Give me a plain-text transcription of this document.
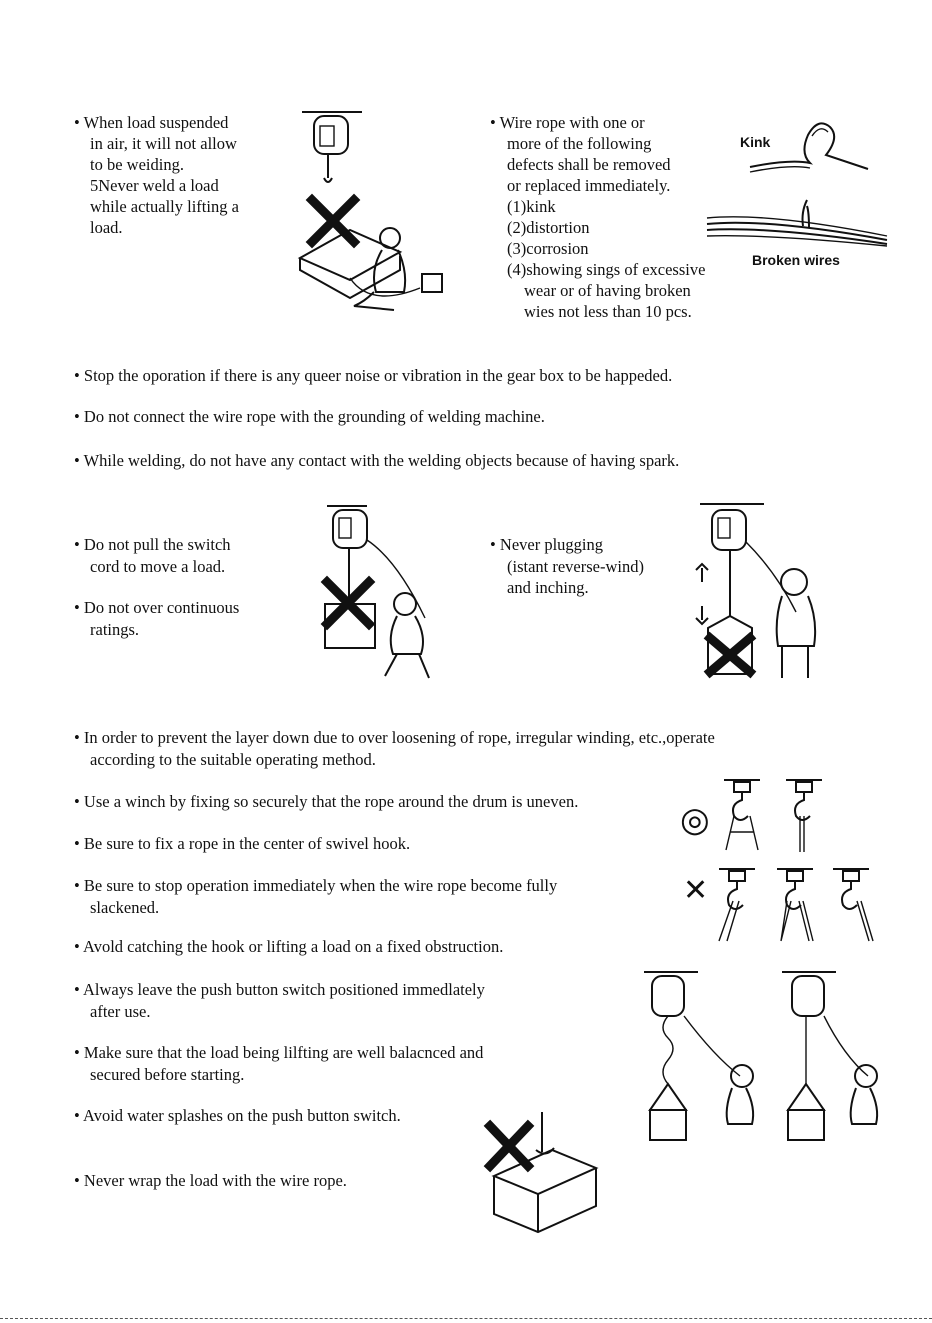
• When load suspended
in air, it will not allow
to be weiding.
5Never weld a load
while actually lifting a
load.
• Wire rope with one or
more of the following
defects shall be removed
or replaced immediately.
(1)kink
(2)distortion
(3)corrosion
(4)showing sings of excessive
wear or of having broken
wies not less than 10 pcs.
Kink
Broken wires
• Stop the oporation if there is any queer noise or vibration in the gear box to be happeded.
• Do not connect the wire rope with the grounding of welding machine.
• While welding, do not have any contact with the welding objects because of having spark.
• Do not pull the switch
cord to move a load.
• Do not over continuous
ratings.
• Never plugging
(istant reverse-wind)
and inching.
• In order to prevent the layer down due to over loosening of rope, irregular winding, etc.,operate
according to the suitable operating method.
• Use a winch by fixing so securely that the rope around the drum is uneven.
• Be sure to fix a rope in the center of swivel hook.
• Be sure to stop operation immediately when the wire rope become fully
slackened.
• Avold catching the hook or lifting a load on a fixed obstruction.
• Always leave the push button switch positioned immedlately
after use.
• Make sure that the load being lilfting are well balacnced and
secured before starting.
• Avoid water splashes on the push button switch.
• Never wrap the load with the wire rope.
◎
✕
